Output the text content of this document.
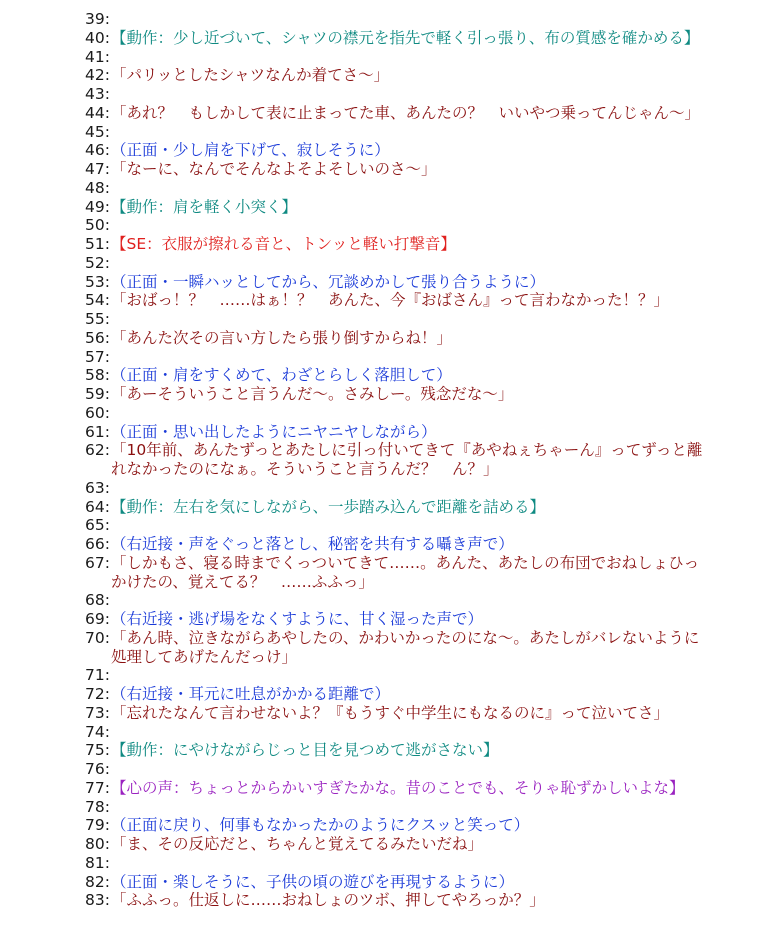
39:
40: 【動作：少し近づいて、シャツの襟元を指先で軽く引っ張り、布の質感を確かめる】
41:
42: 「パリッとしたシャツなんか着てさ～」
43:
44: 「あれ？　もしかして表に止まってた車、あんたの？　いいやつ乗ってんじゃん～」
45:
46: （正面・少し肩を下げて、寂しそうに）
47: 「なーに、なんでそんなよそよそしいのさ～」
48:
49: 【動作：肩を軽く小突く】
50:
51: 【SE：衣服が擦れる音と、トンッと軽い打撃音】
52:
53: （正面・一瞬ハッとしてから、冗談めかして張り合うように）
54: 「おばっ！？　……はぁ！？　あんた、今『おばさん』って言わなかった！？」
55:
56: 「あんた次その言い方したら張り倒すからね！」
57:
58: （正面・肩をすくめて、わざとらしく落胆して）
59: 「あーそういうこと言うんだ～。さみしー。残念だな～」
60:
61: （正面・思い出したようにニヤニヤしながら）
62: 「10年前、あんたずっとあたしに引っ付いてきて『あやねぇちゃーん』ってずっと離れなかったのになぁ。そういうこと言うんだ？　ん？」
63:
64: 【動作：左右を気にしながら、一歩踏み込んで距離を詰める】
65:
66: （右近接・声をぐっと落とし、秘密を共有する囁き声で）
67: 「しかもさ、寝る時までくっついてきて……。あんた、あたしの布団でおねしょひっかけたの、覚えてる？　……ふふっ」
68:
69: （右近接・逃げ場をなくすように、甘く湿った声で）
70: 「あん時、泣きながらあやしたの、かわいかったのにな～。あたしがバレないように処理してあげたんだっけ」
71:
72: （右近接・耳元に吐息がかかる距離で）
73: 「忘れたなんて言わせないよ？『もうすぐ中学生にもなるのに』って泣いてさ」
74:
75: 【動作：にやけながらじっと目を見つめて逃がさない】
76:
77: 【心の声：ちょっとからかいすぎたかな。昔のことでも、そりゃ恥ずかしいよな】
78:
79: （正面に戻り、何事もなかったかのようにクスッと笑って）
80: 「ま、その反応だと、ちゃんと覚えてるみたいだね」
81:
82: （正面・楽しそうに、子供の頃の遊びを再現するように）
83: 「ふふっ。仕返しに……おねしょのツボ、押してやろっか？」
